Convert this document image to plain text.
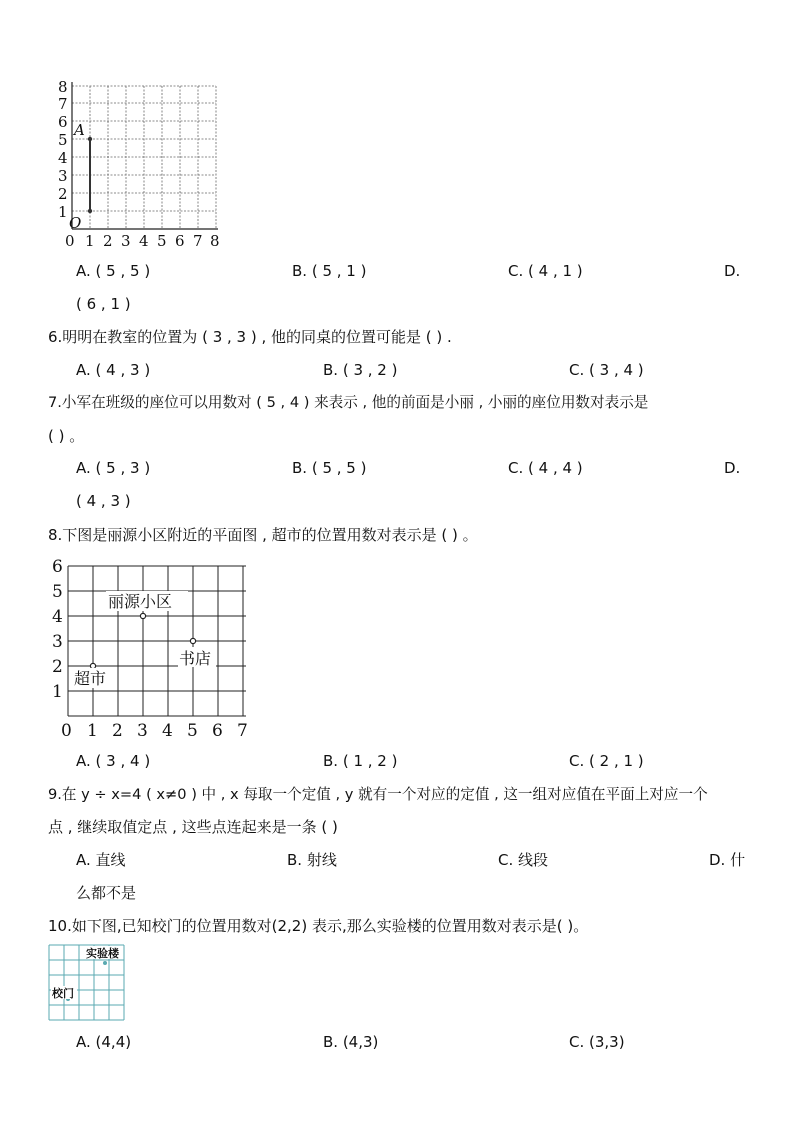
8
7
6
5
4
3
2
1
0 1 2 3 4 5 6 7 8
A
O
A. ( 5 , 5 )	B. ( 5 , 1 )	C. ( 4 , 1 )	D.
( 6 , 1 )
6.明明在教室的位置为 ( 3 , 3 ) , 他的同桌的位置可能是 ( ) .
A. ( 4 , 3 )	B. ( 3 , 2 )	C. ( 3 , 4 )
7.小军在班级的座位可以用数对 ( 5 , 4 ) 来表示 , 他的前面是小丽 , 小丽的座位用数对表示是
( ) 。
A. ( 5 , 3 )	B. ( 5 , 5 )	C. ( 4 , 4 )	D.
( 4 , 3 )
8.下图是丽源小区附近的平面图 , 超市的位置用数对表示是 ( ) 。
6
5
4
3
2
1
0 1 2 3 4 5 6 7
丽源小区
书店
超市
A. ( 3 , 4 )	B. ( 1 , 2 )	C. ( 2 , 1 )
9.在 y ÷ x=4 ( x≠0 ) 中 , x 每取一个定值 , y 就有一个对应的定值 , 这一组对应值在平面上对应一个
点 , 继续取值定点 , 这些点连起来是一条 ( )
A. 直线	B. 射线	C. 线段	D. 什
么都不是
10.如下图,已知校门的位置用数对(2,2) 表示,那么实验楼的位置用数对表示是( )。
实验楼
校门
A. (4,4)	B. (4,3)	C. (3,3)
